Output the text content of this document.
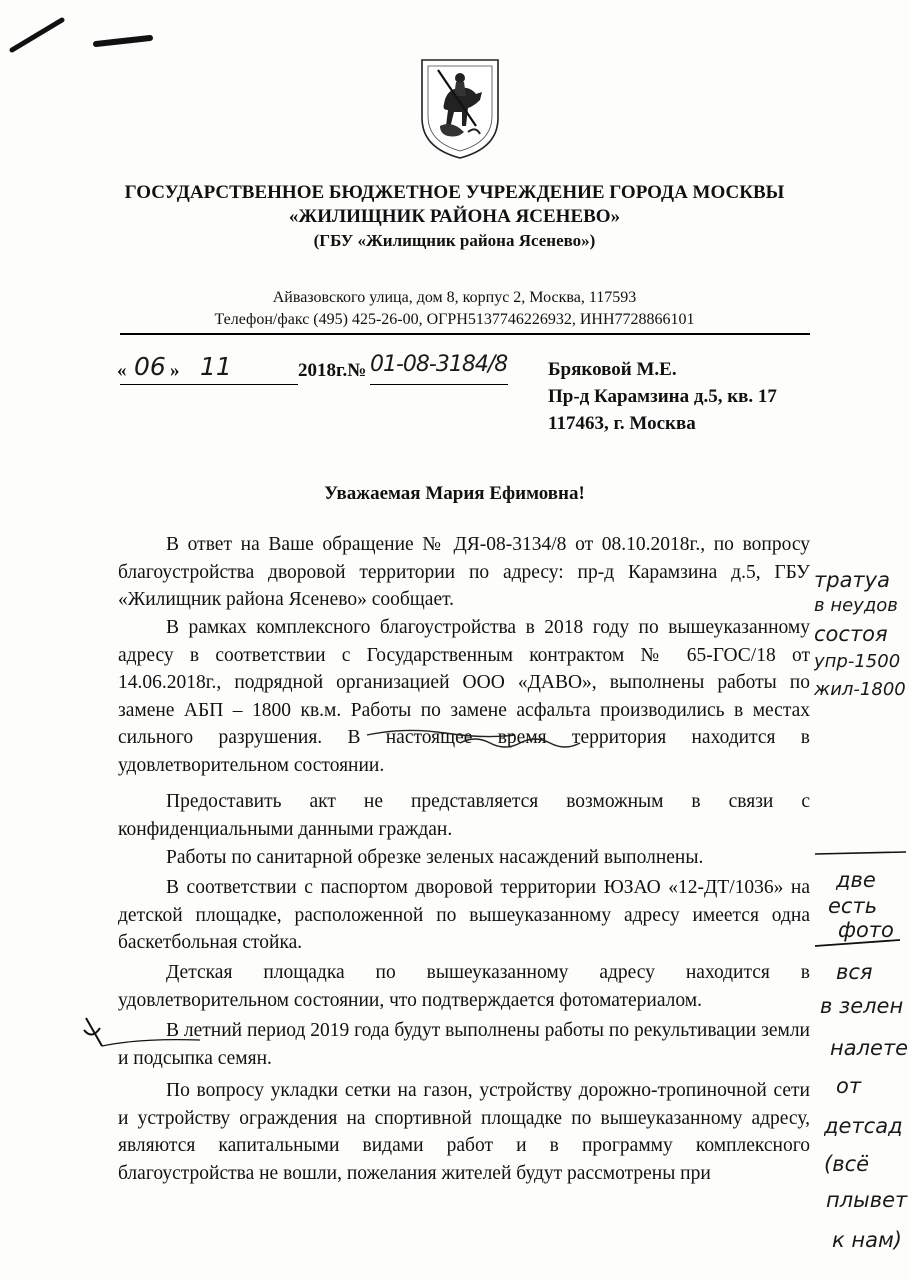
ГОСУДАРСТВЕННОЕ БЮДЖЕТНОЕ УЧРЕЖДЕНИЕ ГОРОДА МОСКВЫ
«ЖИЛИЩНИК РАЙОНА ЯСЕНЕВО»
(ГБУ «Жилищник района Ясенево»)
Айвазовского улица, дом 8, корпус 2, Москва, 117593
Телефон/факс (495) 425-26-00, ОГРН5137746226932, ИНН7728866101
« 06 » 11	2018г.№ 01-08-3184/8 Бряковой М.Е.
Пр-д Карамзина д.5, кв. 17
117463, г. Москва
Уважаемая Мария Ефимовна!

В ответ на Ваше обращение № ДЯ-08-3134/8 от 08.10.2018г., по вопросу благоустройства дворовой территории по адресу: пр-д Карамзина д.5, ГБУ «Жилищник района Ясенево» сообщает.

В рамках комплексного благоустройства в 2018 году по вышеуказанному адресу в соответствии с Государственным контрактом № 65-ГОС/18 от 14.06.2018г., подрядной организацией ООО «ДАВО», выполнены работы по замене АБП – 1800 кв.м. Работы по замене асфальта производились в местах сильного разрушения. В настоящее время территория находится в удовлетворительном состоянии.

Предоставить акт не представляется возможным в связи с конфиденциальными данными граждан.

Работы по санитарной обрезке зеленых насаждений выполнены.

В соответствии с паспортом дворовой территории ЮЗАО «12-ДТ/1036» на детской площадке, расположенной по вышеуказанному адресу имеется одна баскетбольная стойка.

Детская площадка по вышеуказанному адресу находится в удовлетворительном состоянии, что подтверждается фотоматериалом.

В летний период 2019 года будут выполнены работы по рекультивации земли и подсыпка семян.

По вопросу укладки сетки на газон, устройству дорожно-тропиночной сети и устройству ограждения на спортивной площадке по вышеуказанному адресу, являются капитальными видами работ и в программу комплексного благоустройства не вошли, пожелания жителей будут рассмотрены при

тратуа
в неудов
состоя
упр-1500
жил-1800
две
есть
фото
вся
в зелен
налете
от
детсад
(всё
плывет
к нам)
